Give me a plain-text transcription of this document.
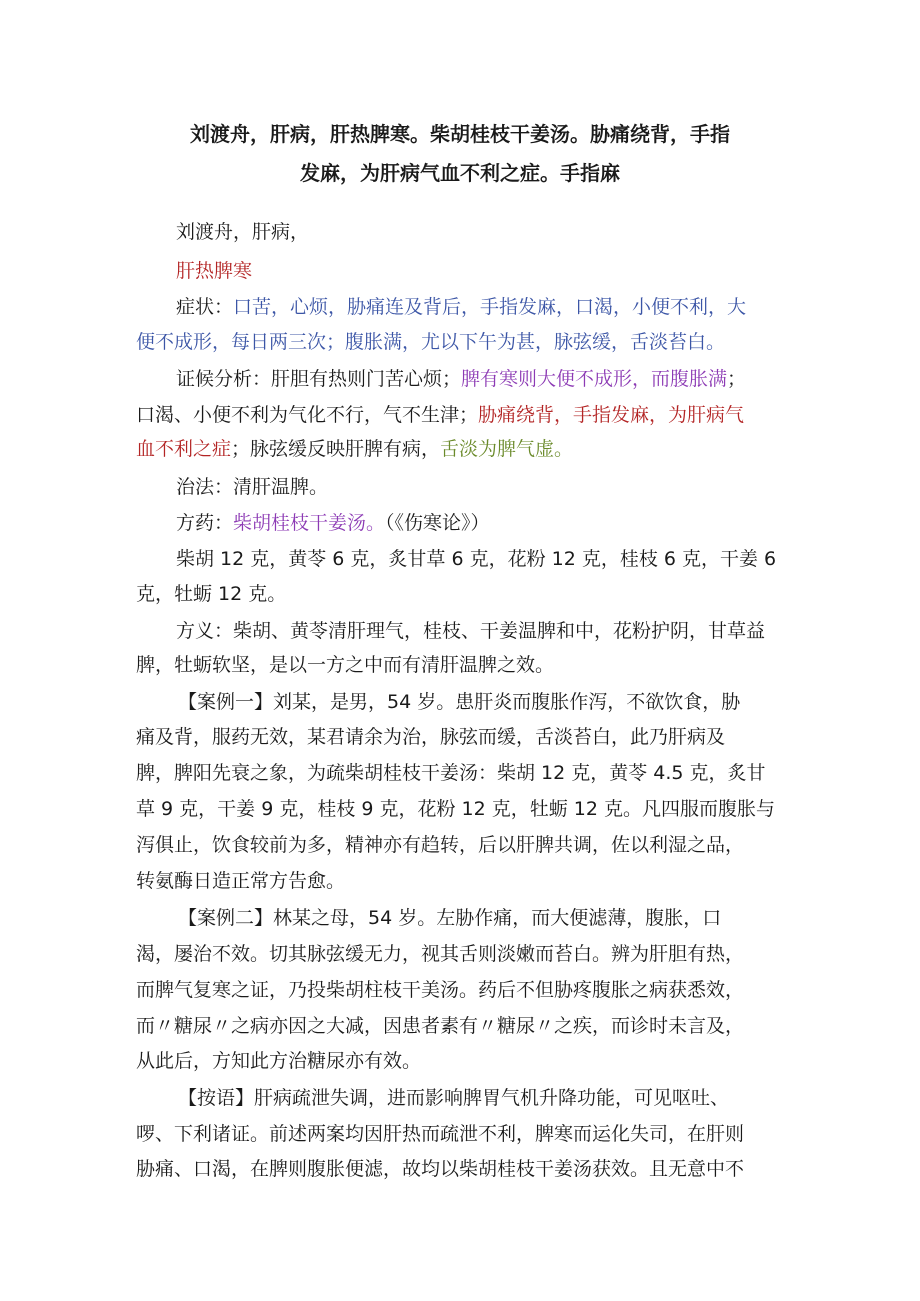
刘渡舟，肝病，肝热脾寒。柴胡桂枝干姜汤。胁痛绕背，手指
发麻，为肝病气血不利之症。手指麻
刘渡舟，肝病，
肝热脾寒
症状：口苦，心烦，胁痛连及背后，手指发麻，口渴，小便不利，大
便不成形，每日两三次；腹胀满，尤以下午为甚，脉弦缓，舌淡苔白。
证候分析：肝胆有热则门苦心烦；脾有寒则大便不成形，而腹胀满；
口渴、小便不利为气化不行，气不生津；胁痛绕背，手指发麻，为肝病气
血不利之症；脉弦缓反映肝脾有病，舌淡为脾气虚。
治法：清肝温脾。
方药：柴胡桂枝干姜汤。（《伤寒论》）
柴胡 12 克，黄苓 6 克，炙甘草 6 克，花粉 12 克，桂枝 6 克，干姜 6
克，牡蛎 12 克。
方义：柴胡、黄苓清肝理气，桂枝、干姜温脾和中，花粉护阴，甘草益
脾，牡蛎软坚，是以一方之中而有清肝温脾之效。
【案例一】刘某，是男，54 岁。患肝炎而腹胀作泻，不欲饮食，胁
痛及背，服药无效，某君请余为治，脉弦而缓，舌淡苔白，此乃肝病及
脾，脾阳先衰之象，为疏柴胡桂枝干姜汤：柴胡 12 克，黄苓 4.5 克，炙甘
草 9 克，干姜 9 克，桂枝 9 克，花粉 12 克，牡蛎 12 克。凡四服而腹胀与
泻俱止，饮食较前为多，精神亦有趋转，后以肝脾共调，佐以利湿之品，
转氨酶日造正常方告愈。
【案例二】林某之母，54 岁。左胁作痛，而大便滤薄，腹胀，口
渴，屡治不效。切其脉弦缓无力，视其舌则淡嫩而苔白。辨为肝胆有热，
而脾气复寒之证，乃投柴胡柱枝干美汤。药后不但胁疼腹胀之病获悉效，
而〃糖尿〃之病亦因之大减，因患者素有〃糖尿〃之疾，而诊时未言及，
从此后，方知此方治糖尿亦有效。
【按语】肝病疏泄失调，进而影响脾胃气机升降功能，可见呕吐、
啰、下利诸证。前述两案均因肝热而疏泄不利，脾寒而运化失司，在肝则
胁痛、口渴，在脾则腹胀便滤，故均以柴胡桂枝干姜汤获效。且无意中不
